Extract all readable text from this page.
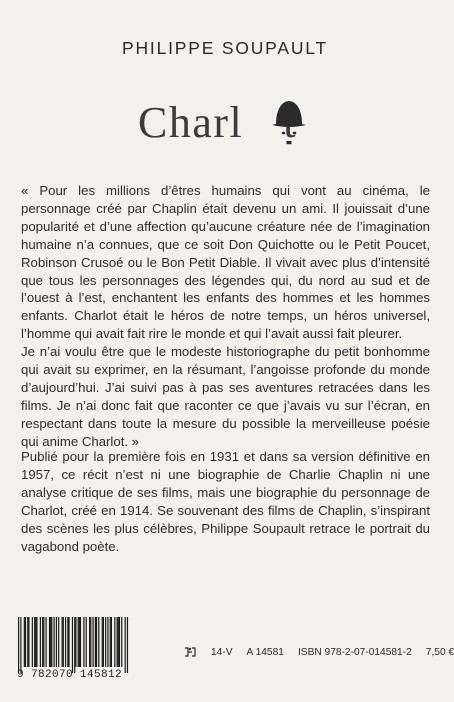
PHILIPPE SOUPAULT
Charl

« Pour les millions d’êtres humains qui vont au cinéma, le personnage créé par Chaplin était devenu un ami. Il jouissait d’une popularité et d’une affection qu’aucune créature née de l’imagination humaine n’a connues, que ce soit Don Quichotte ou le Petit Poucet, Robinson Crusoé ou le Bon Petit Diable. Il vivait avec plus d’intensité que tous les personnages des légendes qui, du nord au sud et de l’ouest à l’est, enchantent les enfants des hommes et les hommes enfants. Charlot était le héros de notre temps, un héros universel, l’homme qui avait fait rire le monde et qui l’avait aussi fait pleurer.

Je n’ai voulu être que le modeste historiographe du petit bonhomme qui avait su exprimer, en la résumant, l’angoisse profonde du monde d’aujourd’hui. J’ai suivi pas à pas ses aventures retracées dans les films. Je n’ai donc fait que raconter ce que j’avais vu sur l’écran, en respectant dans toute la mesure du possible la merveilleuse poésie qui anime Charlot. »

Publié pour la première fois en 1931 et dans sa version définitive en 1957, ce récit n’est ni une biographie de Charlie Chaplin ni une analyse critique de ses films, mais une biographie du personnage de Charlot, créé en 1914. Se souvenant des films de Chaplin, s’inspirant des scènes les plus célèbres, Philippe Soupault retrace le portrait du vagabond poète.

9 782070 145812
14-V A 14581 ISBN 978-2-07-014581-2 7,50 €
